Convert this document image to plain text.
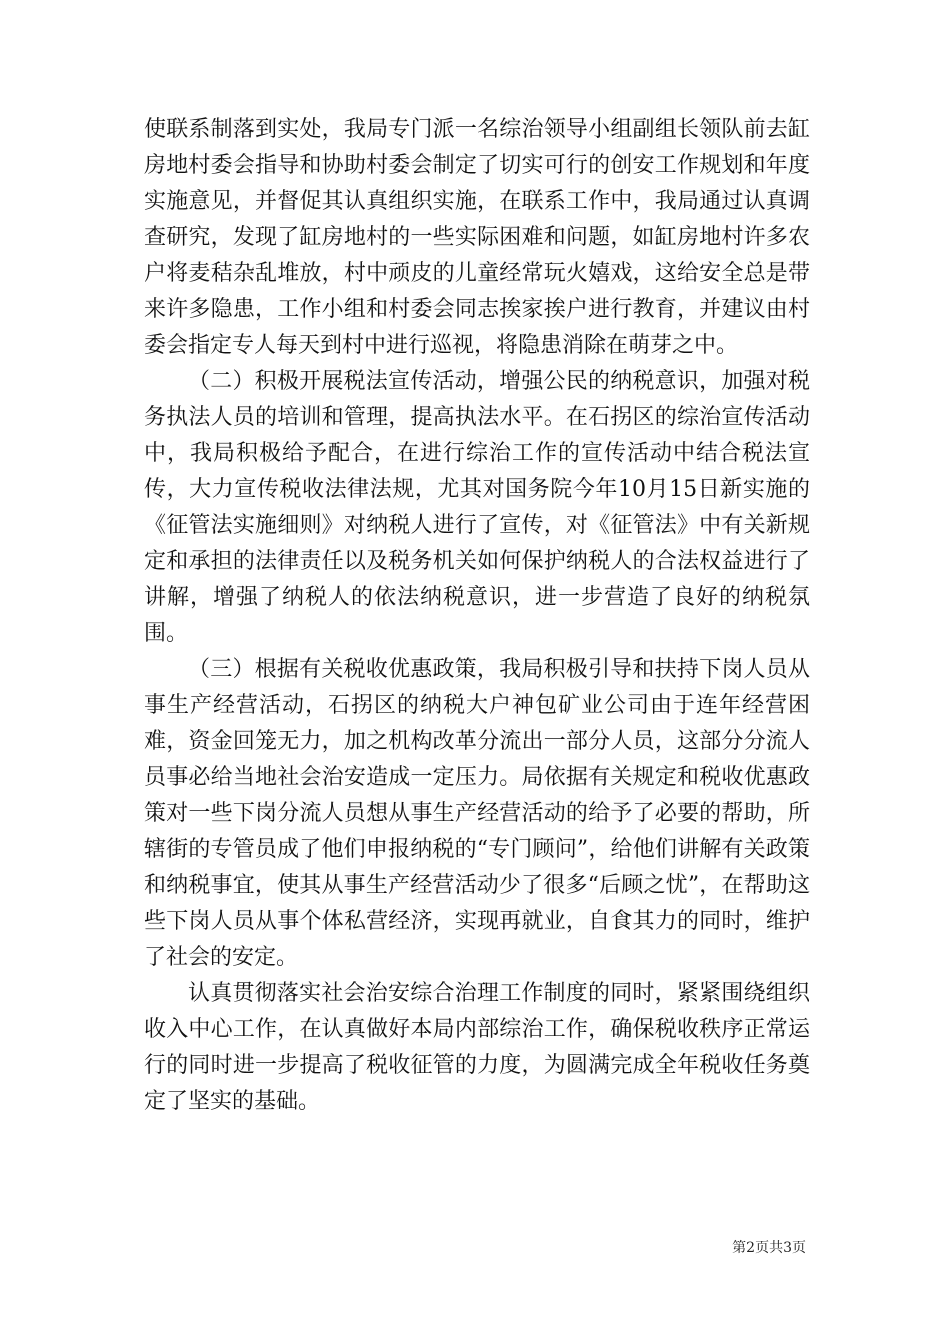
使联系制落到实处，我局专门派一名综治领导小组副组长领队前去缸房地村委会指导和协助村委会制定了切实可行的创安工作规划和年度实施意见，并督促其认真组织实施，在联系工作中，我局通过认真调查研究，发现了缸房地村的一些实际困难和问题，如缸房地村许多农户将麦秸杂乱堆放，村中顽皮的儿童经常玩火嬉戏，这给安全总是带来许多隐患，工作小组和村委会同志挨家挨户进行教育，并建议由村委会指定专人每天到村中进行巡视，将隐患消除在萌芽之中。

（二）积极开展税法宣传活动，增强公民的纳税意识，加强对税务执法人员的培训和管理，提高执法水平。在石拐区的综治宣传活动中，我局积极给予配合，在进行综治工作的宣传活动中结合税法宣传，大力宣传税收法律法规，尤其对国务院今年10月15日新实施的《征管法实施细则》对纳税人进行了宣传，对《征管法》中有关新规定和承担的法律责任以及税务机关如何保护纳税人的合法权益进行了讲解，增强了纳税人的依法纳税意识，进一步营造了良好的纳税氛围。

（三）根据有关税收优惠政策，我局积极引导和扶持下岗人员从事生产经营活动，石拐区的纳税大户神包矿业公司由于连年经营困难，资金回笼无力，加之机构改革分流出一部分人员，这部分分流人员事必给当地社会治安造成一定压力。局依据有关规定和税收优惠政策对一些下岗分流人员想从事生产经营活动的给予了必要的帮助，所辖街的专管员成了他们申报纳税的“专门顾问”，给他们讲解有关政策和纳税事宜，使其从事生产经营活动少了很多“后顾之忧”，在帮助这些下岗人员从事个体私营经济，实现再就业，自食其力的同时，维护了社会的安定。

认真贯彻落实社会治安综合治理工作制度的同时，紧紧围绕组织收入中心工作，在认真做好本局内部综治工作，确保税收秩序正常运行的同时进一步提高了税收征管的力度，为圆满完成全年税收任务奠定了坚实的基础。

第2页共3页
